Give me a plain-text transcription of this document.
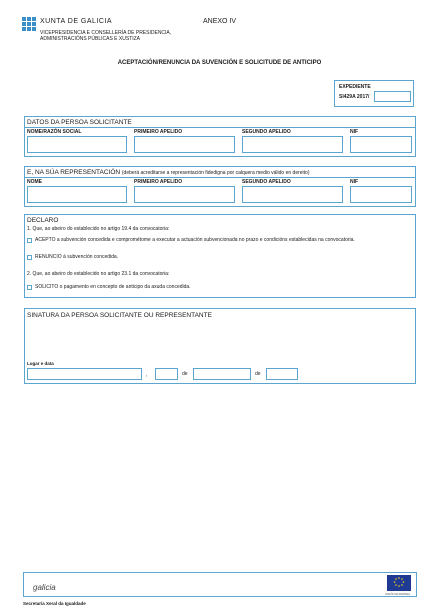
XUNTA DE GALICIA
VICEPRESIDENCIA E CONSELLERÍA DE PRESIDENCIA,
ADMINISTRACIÓNS PÚBLICAS E XUSTIZA
ANEXO IV
ACEPTACIÓN/RENUNCIA DA SUVENCIÓN E SOLICITUDE DE ANTICIPO
EXPEDIENTE
SI429A 2017/
DATOS DA PERSOA SOLICITANTE
NOME/RAZÓN SOCIAL	PRIMEIRO APELIDO	SEGUNDO APELIDO	NIF
E, NA SÚA REPRESENTACIÓN (deberá acreditarse a representación fidedigna por calquera medio válido en dereito)
NOME	PRIMEIRO APELIDO	SEGUNDO APELIDO	NIF
DECLARO
1. Que, ao abeiro do establecido no artigo 19.4 da convocatoria:
ACEPTO a subvención concedida e comprométome a executar a actuación subvencionada no prazo e condicións establecidas na convocatoria.
RENUNCIO á subvención concedida.
2. Que, ao abeiro do establecido no artigo 23.1 da convocatoria:
SOLICITO o pagamento en concepto de anticipo da axuda concedida.
SINATURA DA PERSOA SOLICITANTE OU REPRESENTANTE
Lugar e data
,	de	de
galicia
UNIÓN EUROPEA
Secretaría Xeral da Igualdade
